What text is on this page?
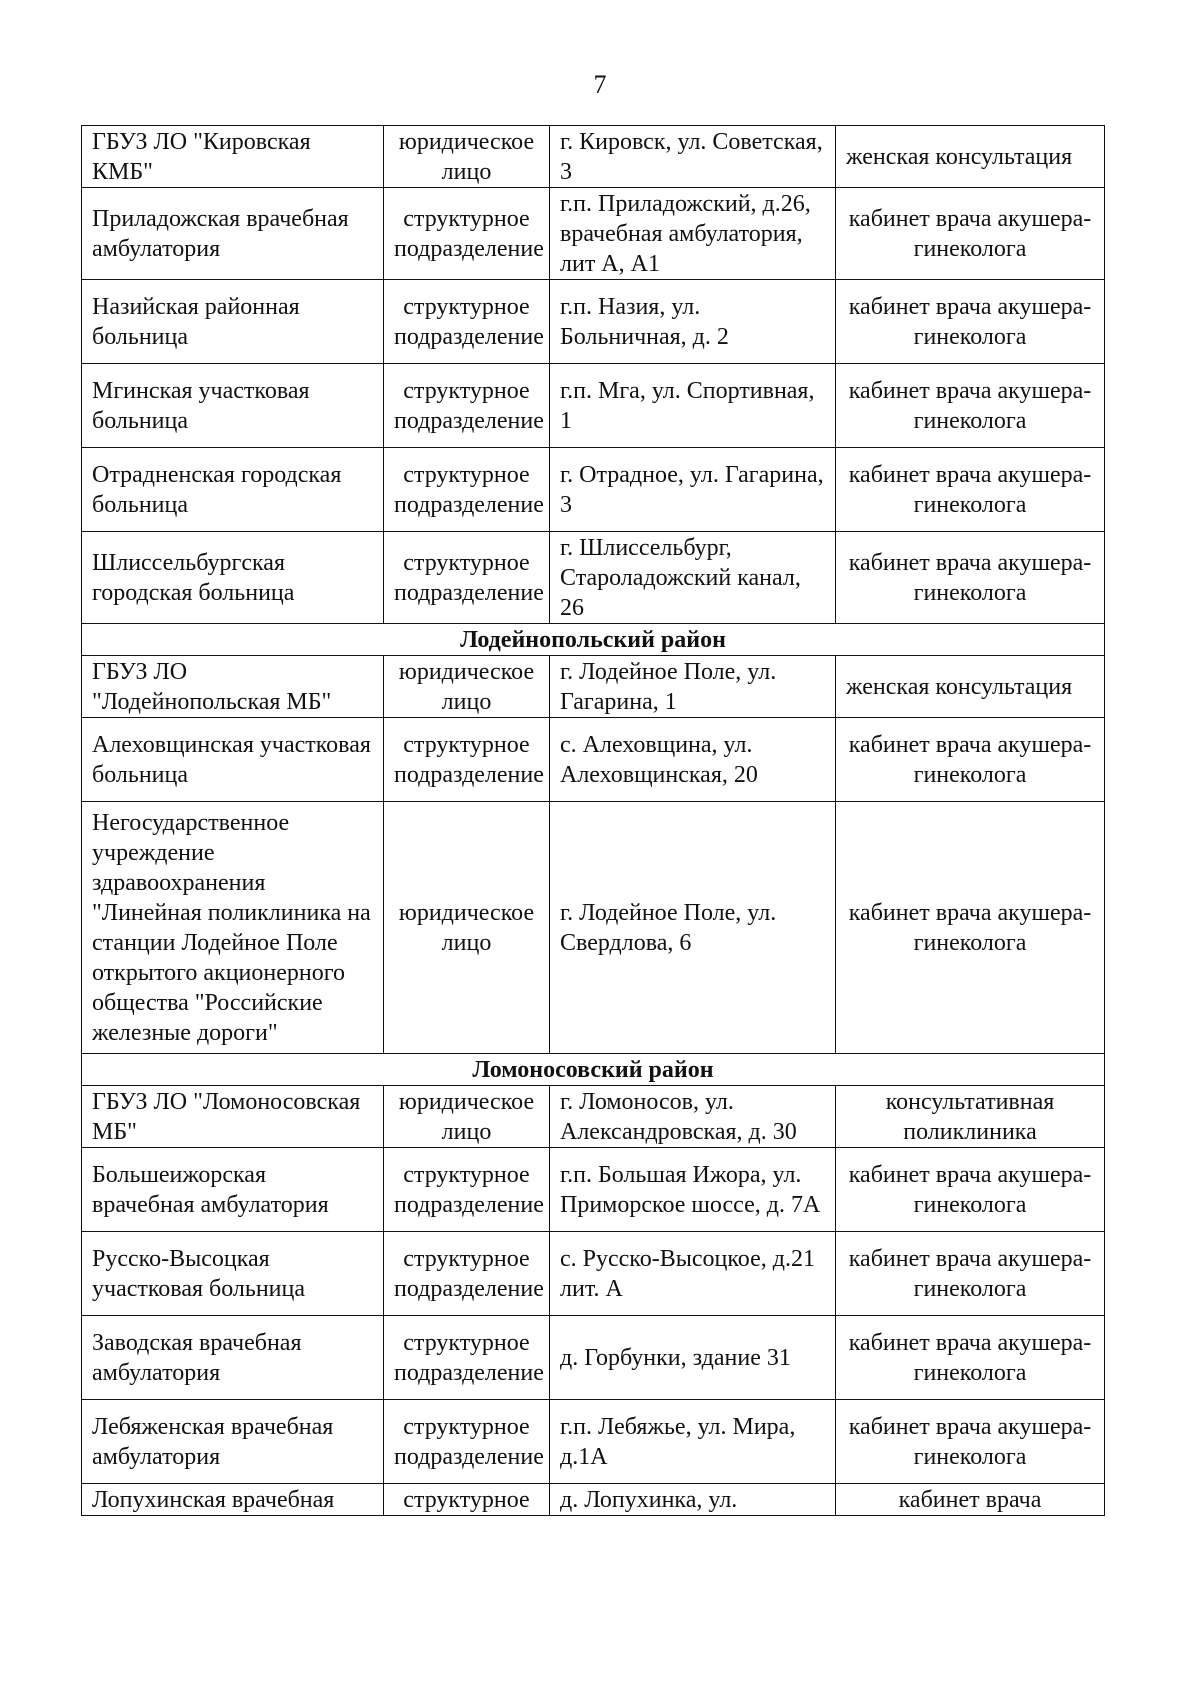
7
ГБУЗ ЛО "Кировская КМБ"	юридическое лицо	г. Кировск, ул. Советская, 3	женская консультация
Приладожская врачебная амбулатория	структурное подразделение	г.п. Приладожский, д.26, врачебная амбулатория, лит А, А1	кабинет врача акушера-гинеколога
Назийская районная больница	структурное подразделение	г.п. Назия, ул. Больничная, д. 2	кабинет врача акушера-гинеколога
Мгинская участковая больница	структурное подразделение	г.п. Мга, ул. Спортивная, 1	кабинет врача акушера-гинеколога
Отрадненская городская больница	структурное подразделение	г. Отрадное, ул. Гагарина, 3	кабинет врача акушера-гинеколога
Шлиссельбургская городская больница	структурное подразделение	г. Шлиссельбург, Староладожский канал, 26	кабинет врача акушера-гинеколога
Лодейнопольский район			
ГБУЗ ЛО "Лодейнопольская МБ"	юридическое лицо	г. Лодейное Поле, ул. Гагарина, 1	женская консультация
Алеховщинская участковая больница	структурное подразделение	с. Алеховщина, ул. Алеховщинская, 20	кабинет врача акушера-гинеколога
Негосударственное учреждение здравоохранения "Линейная поликлиника на станции Лодейное Поле открытого акционерного общества "Российские железные дороги"	юридическое лицо	г. Лодейное Поле, ул. Свердлова, 6	кабинет врача акушера-гинеколога
Ломоносовский район			
ГБУЗ ЛО "Ломоносовская МБ"	юридическое лицо	г. Ломоносов, ул. Александровская, д. 30	консультативная поликлиника
Большеижорская врачебная амбулатория	структурное подразделение	г.п. Большая Ижора, ул. Приморское шоссе, д. 7А	кабинет врача акушера-гинеколога
Русско-Высоцкая участковая больница	структурное подразделение	с. Русско-Высоцкое, д.21 лит. А	кабинет врача акушера-гинеколога
Заводская врачебная амбулатория	структурное подразделение	д. Горбунки, здание 31	кабинет врача акушера-гинеколога
Лебяженская врачебная амбулатория	структурное подразделение	г.п. Лебяжье, ул. Мира, д.1А	кабинет врача акушера-гинеколога
Лопухинская врачебная	структурное	д. Лопухинка, ул.	кабинет врача
